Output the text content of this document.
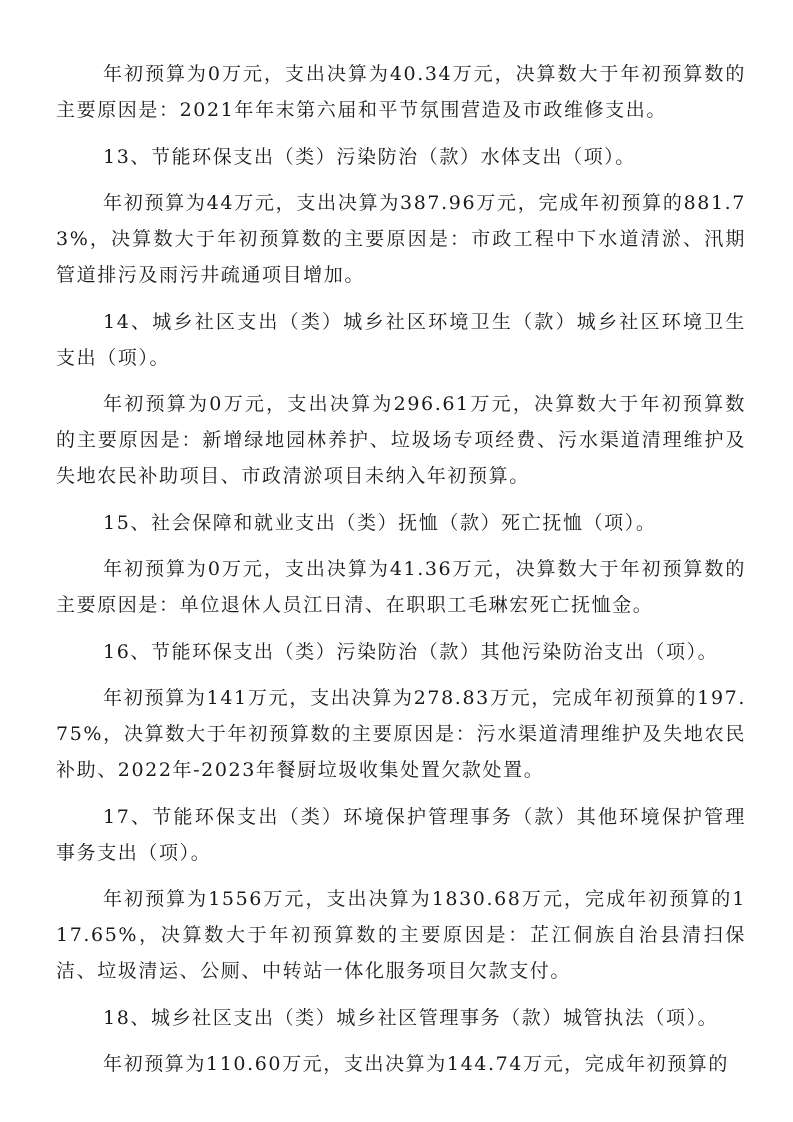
年初预算为0万元，支出决算为40.34万元，决算数大于年初预算数的主要原因是：2021年年末第六届和平节氛围营造及市政维修支出。

13、节能环保支出（类）污染防治（款）水体支出（项）。

年初预算为44万元，支出决算为387.96万元，完成年初预算的881.73%，决算数大于年初预算数的主要原因是：市政工程中下水道清淤、汛期管道排污及雨污井疏通项目增加。

14、城乡社区支出（类）城乡社区环境卫生（款）城乡社区环境卫生支出（项）。

年初预算为0万元，支出决算为296.61万元，决算数大于年初预算数的主要原因是：新增绿地园林养护、垃圾场专项经费、污水渠道清理维护及失地农民补助项目、市政清淤项目未纳入年初预算。

15、社会保障和就业支出（类）抚恤（款）死亡抚恤（项）。

年初预算为0万元，支出决算为41.36万元，决算数大于年初预算数的主要原因是：单位退休人员江日清、在职职工毛琳宏死亡抚恤金。

16、节能环保支出（类）污染防治（款）其他污染防治支出（项）。

年初预算为141万元，支出决算为278.83万元，完成年初预算的197.75%，决算数大于年初预算数的主要原因是：污水渠道清理维护及失地农民补助、2022年-2023年餐厨垃圾收集处置欠款处置。

17、节能环保支出（类）环境保护管理事务（款）其他环境保护管理事务支出（项）。

年初预算为1556万元，支出决算为1830.68万元，完成年初预算的117.65%，决算数大于年初预算数的主要原因是：芷江侗族自治县清扫保洁、垃圾清运、公厕、中转站一体化服务项目欠款支付。

18、城乡社区支出（类）城乡社区管理事务（款）城管执法（项）。

年初预算为110.60万元，支出决算为144.74万元，完成年初预算的
